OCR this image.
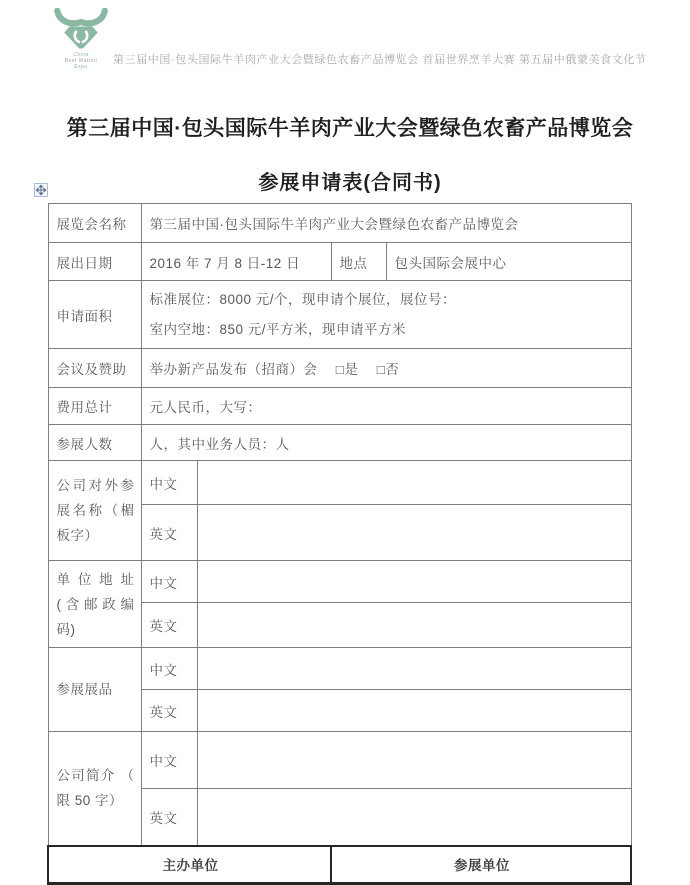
China
Beef Mutton
Expo
第三届中国·包头国际牛羊肉产业大会暨绿色农畜产品博览会 首届世界烹羊大赛 第五届中俄蒙美食文化节
第三届中国·包头国际牛羊肉产业大会暨绿色农畜产品博览会
参展申请表(合同书)
展览会名称	第三届中国·包头国际牛羊肉产业大会暨绿色农畜产品博览会			
展出日期	2016 年 7 月 8 日-12 日		地点	包头国际会展中心
申请面积	标准展位：8000 元/个，现申请个展位，展位号：
室内空地：850 元/平方米，现申请平方米			

会议及赞助	举办新产品发布（招商）会 □是 □否			
费用总计	元人民币，大写：			
参展人数	人，其中业务人员：人			
公司对外参展名称（楣板字）	中文			
	英文			
单位地址 (含邮政编码)	中文			
	英文			
参展展品	中文			
	英文			
公司简介 （ 限 50 字）	中文			
	英文			
主办单位			参展单位	
